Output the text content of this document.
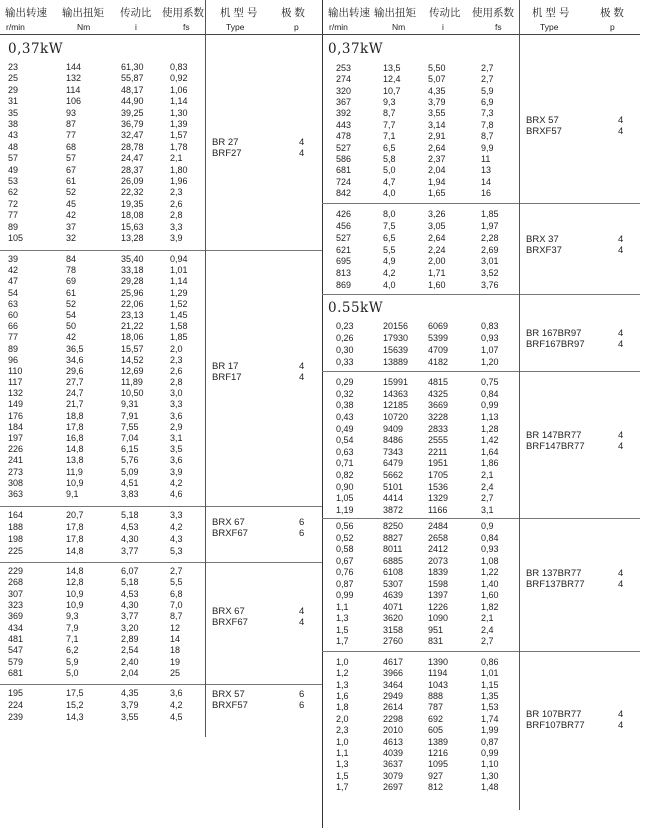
输出转速
r/min
输出扭矩
Nm
传动比
i
使用系数
fs
机 型 号
Type
极 数
p
0,37kW
23	144	61,30	0,83
25	132	55,87	0,92
29	114	48,17	1,06
31	106	44,90	1,14
35	93	39,25	1,30
38	87	36,79	1,39
43	77	32,47	1,57
48	68	28,78	1,78
57	57	24,47	2,1
49	67	28,37	1,80
53	61	26,09	1,96
62	52	22,32	2,3
72	45	19,35	2,6
77	42	18,08	2,8
89	37	15,63	3,3
105	32	13,28	3,9
BR 27	4
BRF27	4
39	84	35,40	0,94
42	78	33,18	1,01
47	69	29,28	1,14
54	61	25,96	1,29
63	52	22,06	1,52
60	54	23,13	1,45
66	50	21,22	1,58
77	42	18,06	1,85
89	36,5	15,57	2,0
96	34,6	14,52	2,3
110	29,6	12,69	2,6
117	27,7	11,89	2,8
132	24,7	10,50	3,0
149	21,7	9,31	3,3
176	18,8	7,91	3,6
184	17,8	7,55	2,9
197	16,8	7,04	3,1
226	14,8	6,15	3,5
241	13,8	5,76	3,6
273	11,9	5,09	3,9
308	10,9	4,51	4,2
363	9,1	3,83	4,6
BR 17	4
BRF17	4
164	20,7	5,18	3,3
188	17,8	4,53	4,2
198	17,8	4,30	4,3
225	14,8	3,77	5,3
BRX 67	6
BRXF67	6
229	14,8	6,07	2,7
268	12,8	5,18	5,5
307	10,9	4,53	6,8
323	10,9	4,30	7,0
369	9,3	3,77	8,7
434	7,9	3,20	12
481	7,1	2,89	14
547	6,2	2,54	18
579	5,9	2,40	19
681	5,0	2,04	25
BRX 67	4
BRXF67	4
195	17,5	4,35	3,6
224	15,2	3,79	4,2
239	14,3	3,55	4,5
BRX 57	6
BRXF57	6
输出转速
r/min
输出扭矩
Nm
传动比
i
使用系数
fs
机 型 号
Type
极 数
p
0,37kW
0.55kW
253	13,5	5,50	2,7
274	12,4	5,07	2,7
320	10,7	4,35	5,9
367	9,3	3,79	6,9
392	8,7	3,55	7,3
443	7,7	3,14	7,8
478	7,1	2,91	8,7
527	6,5	2,64	9,9
586	5,8	2,37	11
681	5,0	2,04	13
724	4,7	1,94	14
842	4,0	1,65	16
BRX 57	4
BRXF57	4
426	8,0	3,26	1,85
456	7,5	3,05	1,97
527	6,5	2,64	2,28
621	5,5	2,24	2,69
695	4,9	2,00	3,01
813	4,2	1,71	3,52
869	4,0	1,60	3,76
BRX 37	4
BRXF37	4
0,23	20156 6069	0,83
0,26	17930 5399	0,93
0,30	15639 4709	1,07
0,33	13889 4182	1,20
BR 167BR97	4
BRF167BR97	4
0,29	15991 4815	0,75
0,32	14363 4325	0,84
0,38	12185 3669	0,99
0,43	10720 3228	1,13
0,49	9409	2833	1,28
0,54	8486	2555	1,42
0,63	7343	2211	1,64
0,71	6479	1951	1,86
0,82	5662	1705	2,1
0,90	5101	1536	2,4
1,05	4414	1329	2,7
1,19	3872	1166	3,1
BR 147BR77	4
BRF147BR77	4
0,56	8250	2484	0,9
0,52	8827	2658	0,84
0,58	8011	2412	0,93
0,67	6885	2073	1,08
0,76	6108	1839	1,22
0,87	5307	1598	1,40
0,99	4639	1397	1,60
1,1	4071	1226	1,82
1,3	3620	1090	2,1
1,5	3158	951	2,4
1,7	2760	831	2,7
BR 137BR77	4
BRF137BR77	4
1,0	4617	1390	0,86
1,2	3966	1194	1,01
1,3	3464	1043	1,15
1,6	2949	888	1,35
1,8	2614	787	1,53
2,0	2298	692	1,74
2,3	2010	605	1,99
1,0	4613	1389	0,87
1,1	4039	1216	0,99
1,3	3637	1095	1,10
1,5	3079	927	1,30
1,7	2697	812	1,48
BR 107BR77	4
BRF107BR77	4
